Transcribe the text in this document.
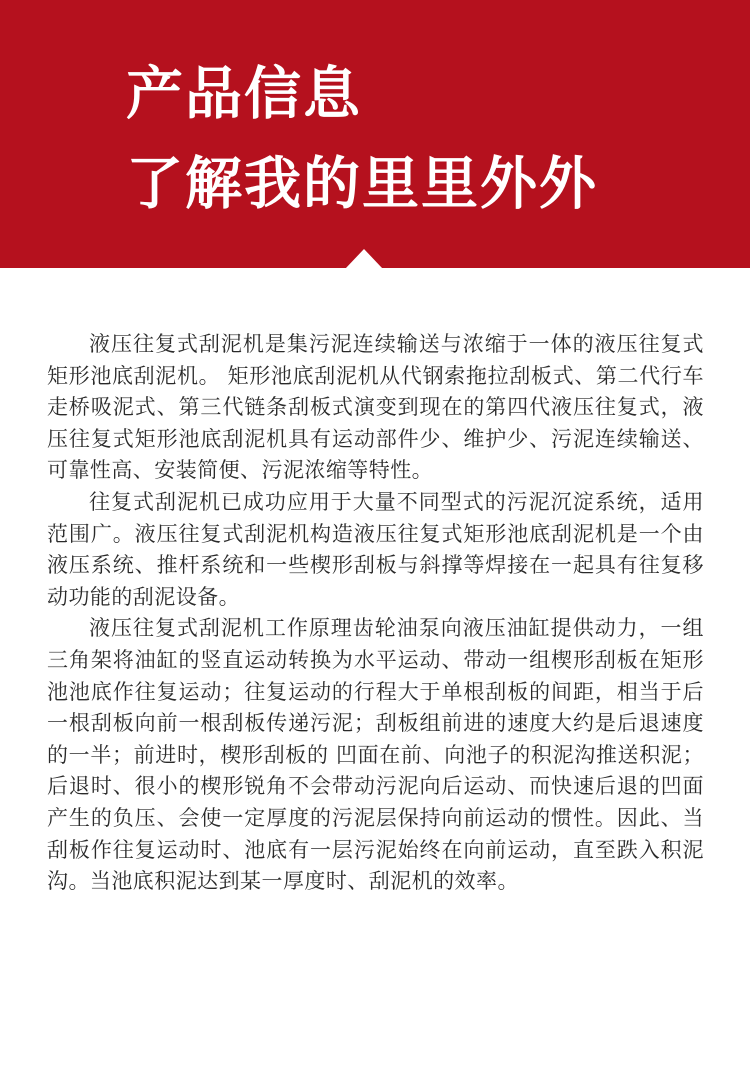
产品信息
了解我的里里外外

液压往复式刮泥机是集污泥连续输送与浓缩于一体的液压往复式矩形池底刮泥机。 矩形池底刮泥机从代钢索拖拉刮板式、第二代行车走桥吸泥式、第三代链条刮板式演变到现在的第四代液压往复式，液压往复式矩形池底刮泥机具有运动部件少、维护少、污泥连续输送、可靠性高、安装简便、污泥浓缩等特性。

往复式刮泥机已成功应用于大量不同型式的污泥沉淀系统，适用范围广。液压往复式刮泥机构造液压往复式矩形池底刮泥机是一个由液压系统、推杆系统和一些楔形刮板与斜撑等焊接在一起具有往复移动功能的刮泥设备。

液压往复式刮泥机工作原理齿轮油泵向液压油缸提供动力，一组三角架将油缸的竖直运动转换为水平运动、带动一组楔形刮板在矩形池池底作往复运动；往复运动的行程大于单根刮板的间距，相当于后一根刮板向前一根刮板传递污泥；刮板组前进的速度大约是后退速度的一半；前进时，楔形刮板的 凹面在前、向池子的积泥沟推送积泥；后退时、很小的楔形锐角不会带动污泥向后运动、而快速后退的凹面产生的负压、会使一定厚度的污泥层保持向前运动的惯性。因此、当刮板作往复运动时、池底有一层污泥始终在向前运动，直至跌入积泥沟。当池底积泥达到某一厚度时、刮泥机的效率。
